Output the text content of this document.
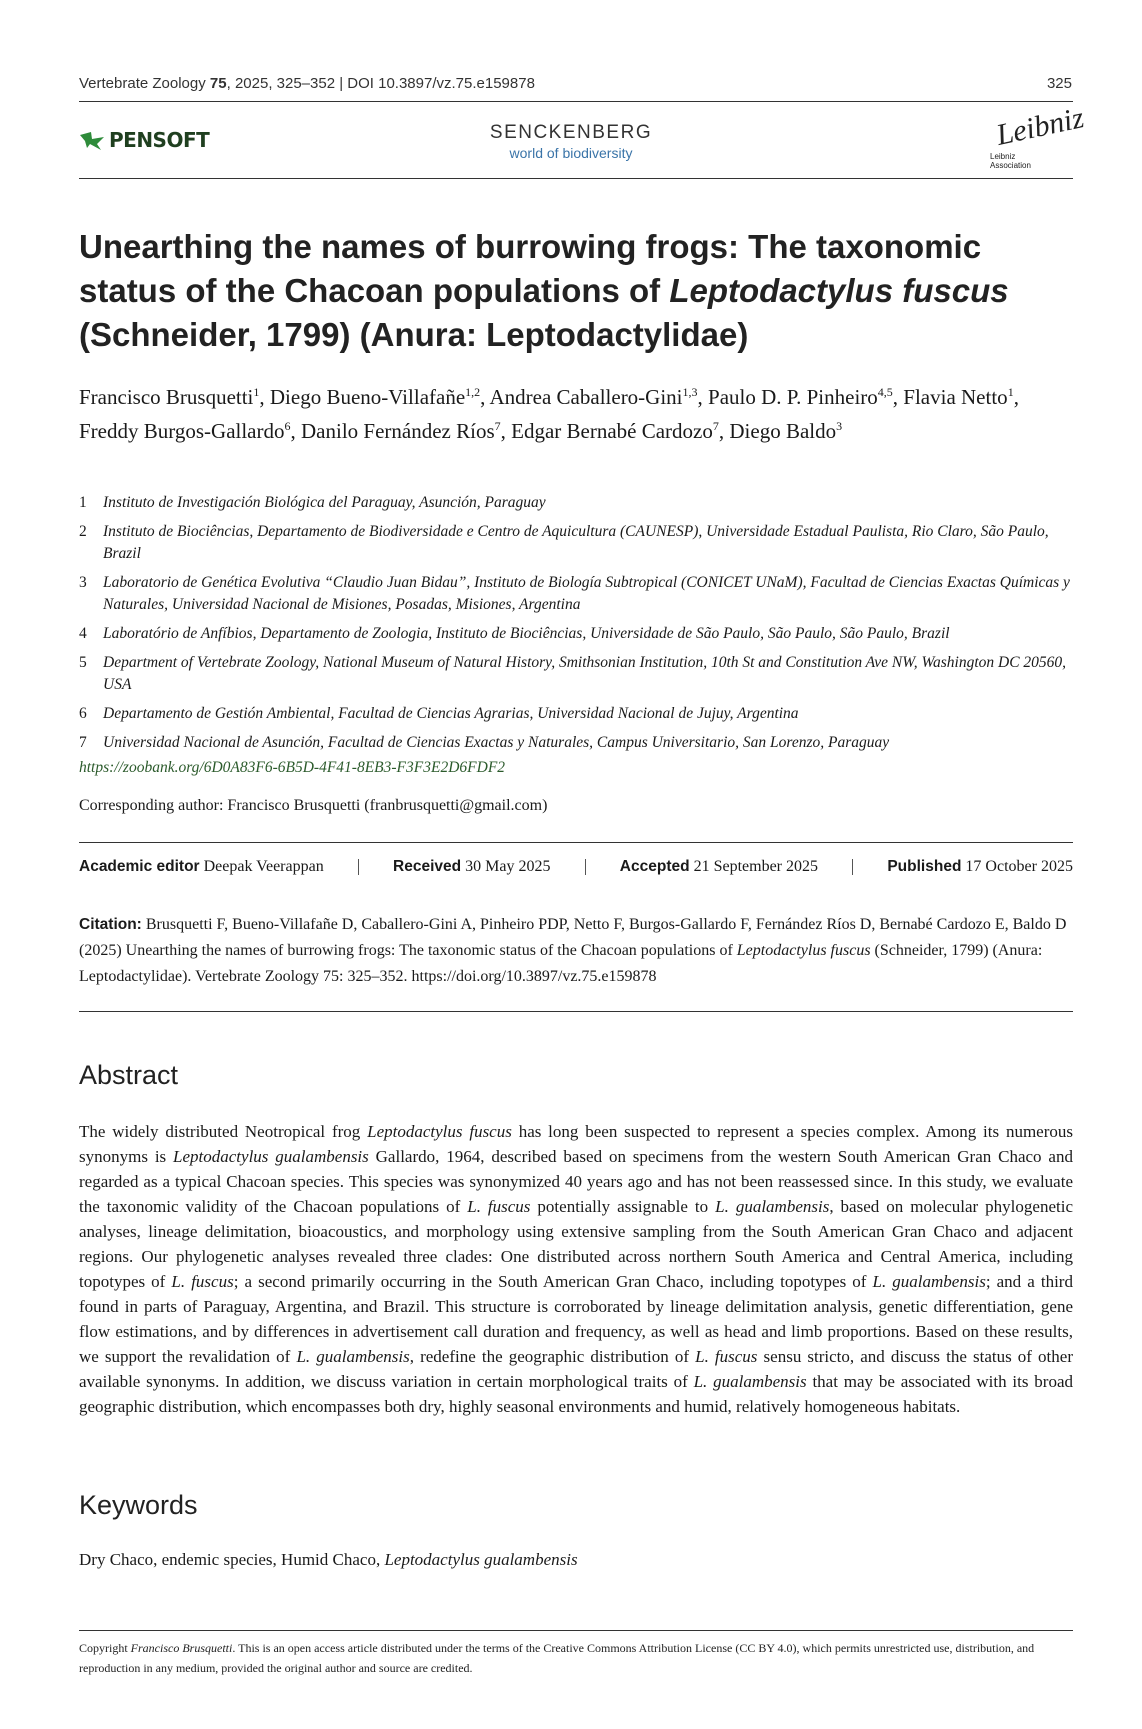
Vertebrate Zoology 75, 2025, 325–352 | DOI 10.3897/vz.75.e159878	325
PENSOFT	SENCKENBERG
world of biodiversity
Leibniz
Leibniz
Association
Unearthing the names of burrowing frogs: The taxonomic status of the Chacoan populations of Leptodactylus fuscus (Schneider, 1799) (Anura: Leptodactylidae)
Francisco Brusquetti$^1$, Diego Bueno-Villafañe$^{1,2}$, Andrea Caballero-Gini$^{1,3}$, Paulo D. P. Pinheiro$^{4,5}$, Flavia Netto$^1$, Freddy Burgos-Gallardo$^6$, Danilo Fernández Ríos$^7$, Edgar Bernabé Cardozo$^7$, Diego Baldo$^3$
1	Instituto de Investigación Biológica del Paraguay, Asunción, Paraguay
2	Instituto de Biociências, Departamento de Biodiversidade e Centro de Aquicultura (CAUNESP), Universidade Estadual Paulista, Rio Claro, São Paulo, Brazil
3	Laboratorio de Genética Evolutiva “Claudio Juan Bidau”, Instituto de Biología Subtropical (CONICET UNaM), Facultad de Ciencias Exactas Químicas y Naturales, Universidad Nacional de Misiones, Posadas, Misiones, Argentina
4	Laboratório de Anfíbios, Departamento de Zoologia, Instituto de Biociências, Universidade de São Paulo, São Paulo, São Paulo, Brazil
5	Department of Vertebrate Zoology, National Museum of Natural History, Smithsonian Institution, 10th St and Constitution Ave NW, Washington DC 20560, USA
6	Departamento de Gestión Ambiental, Facultad de Ciencias Agrarias, Universidad Nacional de Jujuy, Argentina
7	Universidad Nacional de Asunción, Facultad de Ciencias Exactas y Naturales, Campus Universitario, San Lorenzo, Paraguay
https://zoobank.org/6D0A83F6-6B5D-4F41-8EB3-F3F3E2D6FDF2
Corresponding author: Francisco Brusquetti (franbrusquetti@gmail.com)
Academic editor Deepak Veerappan	Received 30 May 2025	Accepted 21 September 2025	Published 17 October 2025
Citation: Brusquetti F, Bueno-Villafañe D, Caballero-Gini A, Pinheiro PDP, Netto F, Burgos-Gallardo F, Fernández Ríos D, Bernabé Cardozo E, Baldo D (2025) Unearthing the names of burrowing frogs: The taxonomic status of the Chacoan populations of Leptodactylus fuscus (Schneider, 1799) (Anura: Leptodactylidae). Vertebrate Zoology 75: 325–352. https://doi.org/10.3897/vz.75.e159878
Abstract
The widely distributed Neotropical frog Leptodactylus fuscus has long been suspected to represent a species complex. Among its numerous synonyms is Leptodactylus gualambensis Gallardo, 1964, described based on specimens from the western South American Gran Chaco and regarded as a typical Chacoan species. This species was synonymized 40 years ago and has not been reassessed since. In this study, we evaluate the taxonomic validity of the Chacoan populations of L. fuscus potentially assignable to L. gualambensis, based on molecular phylogenetic analyses, lineage delimitation, bioacoustics, and morphology using extensive sampling from the South American Gran Chaco and adjacent regions. Our phylogenetic analyses revealed three clades: One distributed across northern South America and Central America, including topotypes of L. fuscus; a second primarily occurring in the South American Gran Chaco, including topotypes of L. gualambensis; and a third found in parts of Paraguay, Argentina, and Brazil. This structure is corroborated by lineage delimitation analysis, genetic differentiation, gene flow estimations, and by differences in advertisement call duration and frequency, as well as head and limb proportions. Based on these results, we support the revalidation of L. gualambensis, redefine the geographic distribution of L. fuscus sensu stricto, and discuss the status of other available synonyms. In addition, we discuss variation in certain morphological traits of L. gualambensis that may be associated with its broad geographic distribution, which encompasses both dry, highly seasonal environments and humid, relatively homogeneous habitats.
Keywords
Dry Chaco, endemic species, Humid Chaco, Leptodactylus gualambensis
Copyright Francisco Brusquetti. This is an open access article distributed under the terms of the Creative Commons Attribution License (CC BY 4.0), which permits unrestricted use, distribution, and reproduction in any medium, provided the original author and source are credited.
